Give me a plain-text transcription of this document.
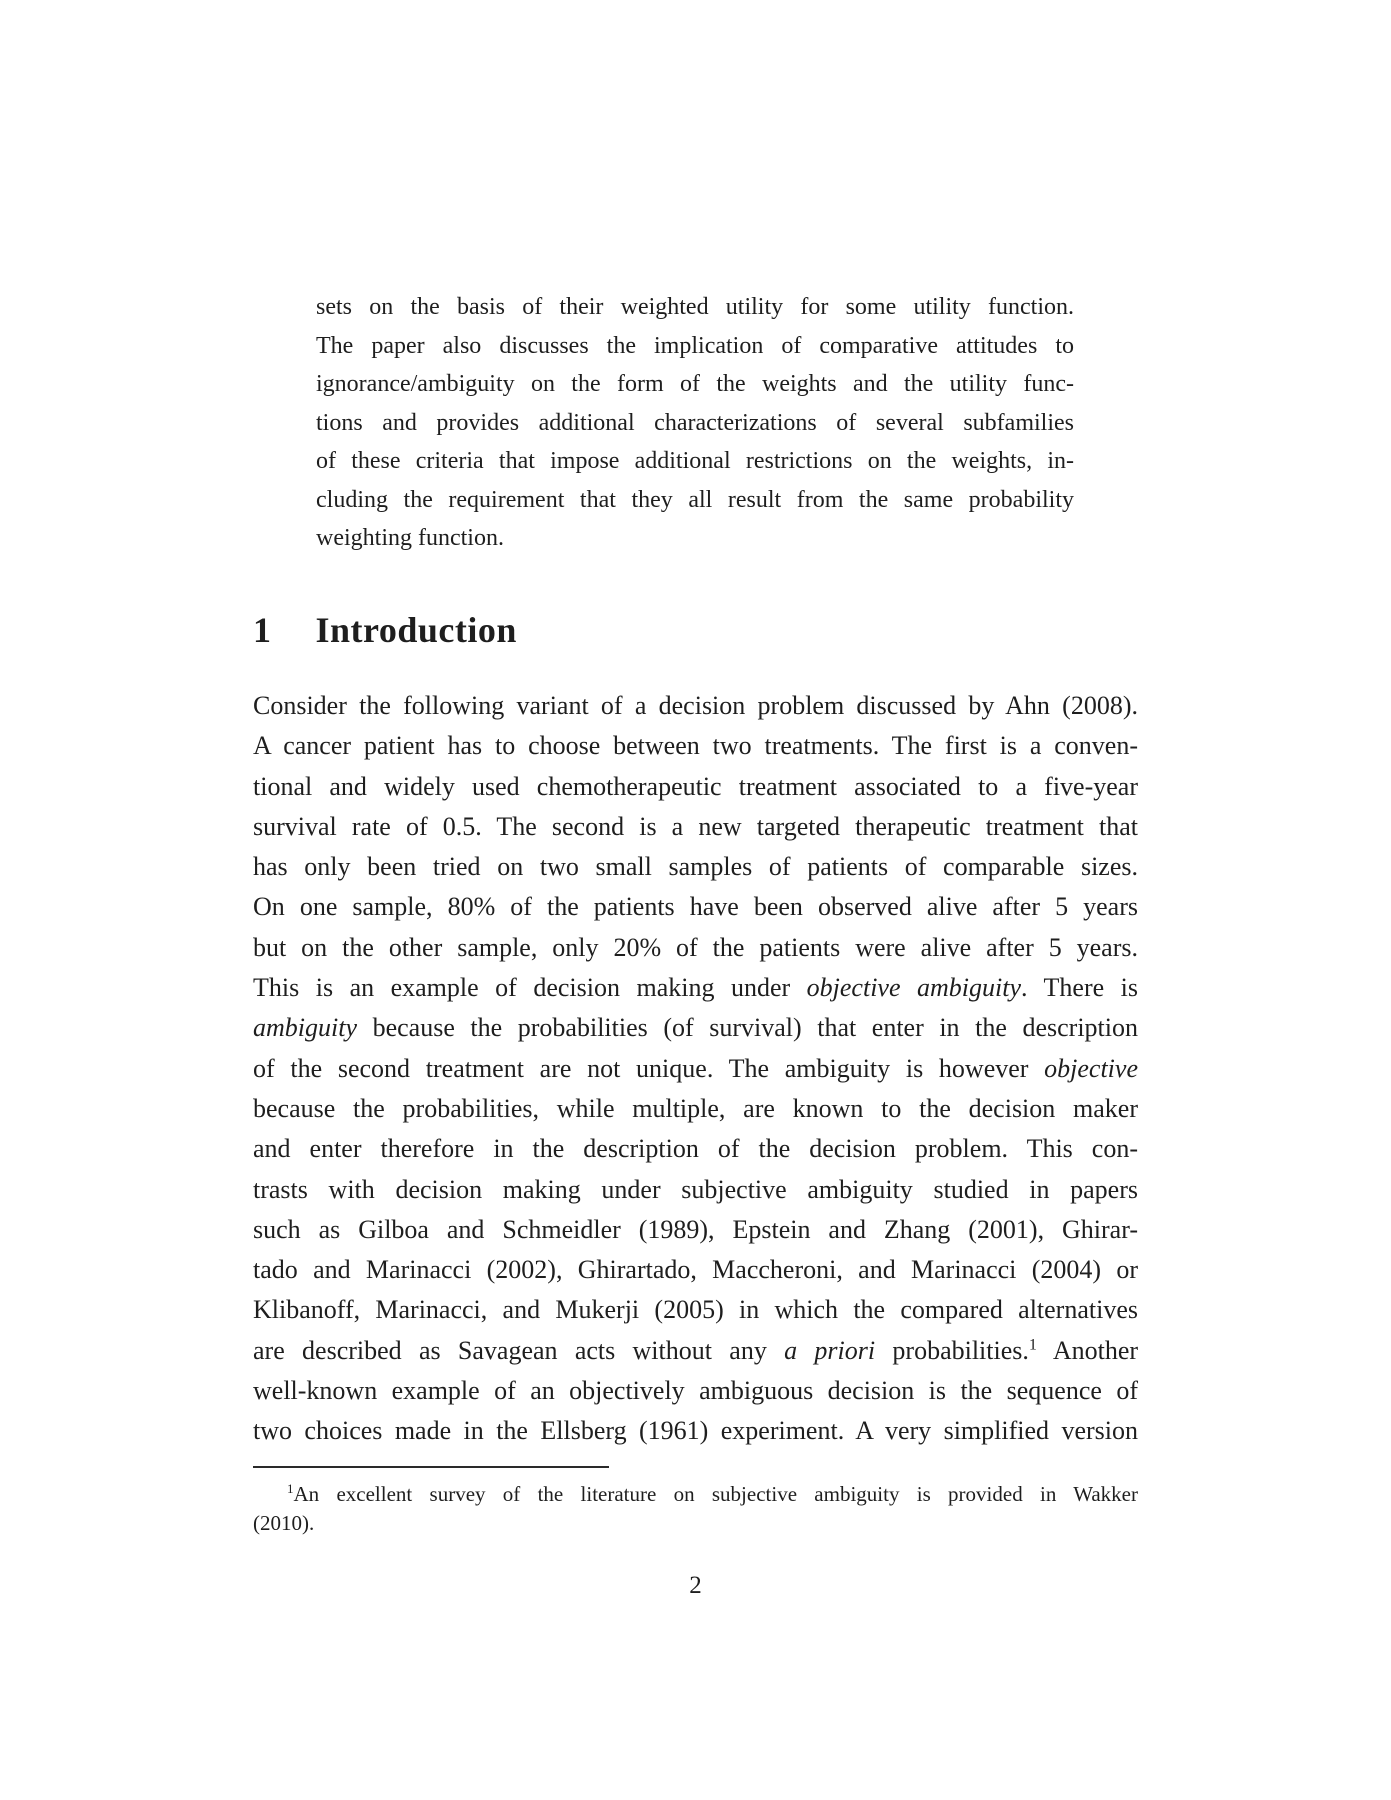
sets on the basis of their weighted utility for some utility function.
The paper also discusses the implication of comparative attitudes to
ignorance/ambiguity on the form of the weights and the utility func-
tions and provides additional characterizations of several subfamilies
of these criteria that impose additional restrictions on the weights, in-
cluding the requirement that they all result from the same probability
weighting function.
1 Introduction
Consider the following variant of a decision problem discussed by Ahn (2008).
A cancer patient has to choose between two treatments. The first is a conven-
tional and widely used chemotherapeutic treatment associated to a five-year
survival rate of 0.5. The second is a new targeted therapeutic treatment that
has only been tried on two small samples of patients of comparable sizes.
On one sample, 80% of the patients have been observed alive after 5 years
but on the other sample, only 20% of the patients were alive after 5 years.
This is an example of decision making under objective ambiguity. There is
ambiguity because the probabilities (of survival) that enter in the description
of the second treatment are not unique. The ambiguity is however objective
because the probabilities, while multiple, are known to the decision maker
and enter therefore in the description of the decision problem. This con-
trasts with decision making under subjective ambiguity studied in papers
such as Gilboa and Schmeidler (1989), Epstein and Zhang (2001), Ghirar-
tado and Marinacci (2002), Ghirartado, Maccheroni, and Marinacci (2004) or
Klibanoff, Marinacci, and Mukerji (2005) in which the compared alternatives
are described as Savagean acts without any a priori probabilities.$^1$ Another
well-known example of an objectively ambiguous decision is the sequence of
two choices made in the Ellsberg (1961) experiment. A very simplified version
$^1$An excellent survey of the literature on subjective ambiguity is provided in Wakker
(2010).
2
